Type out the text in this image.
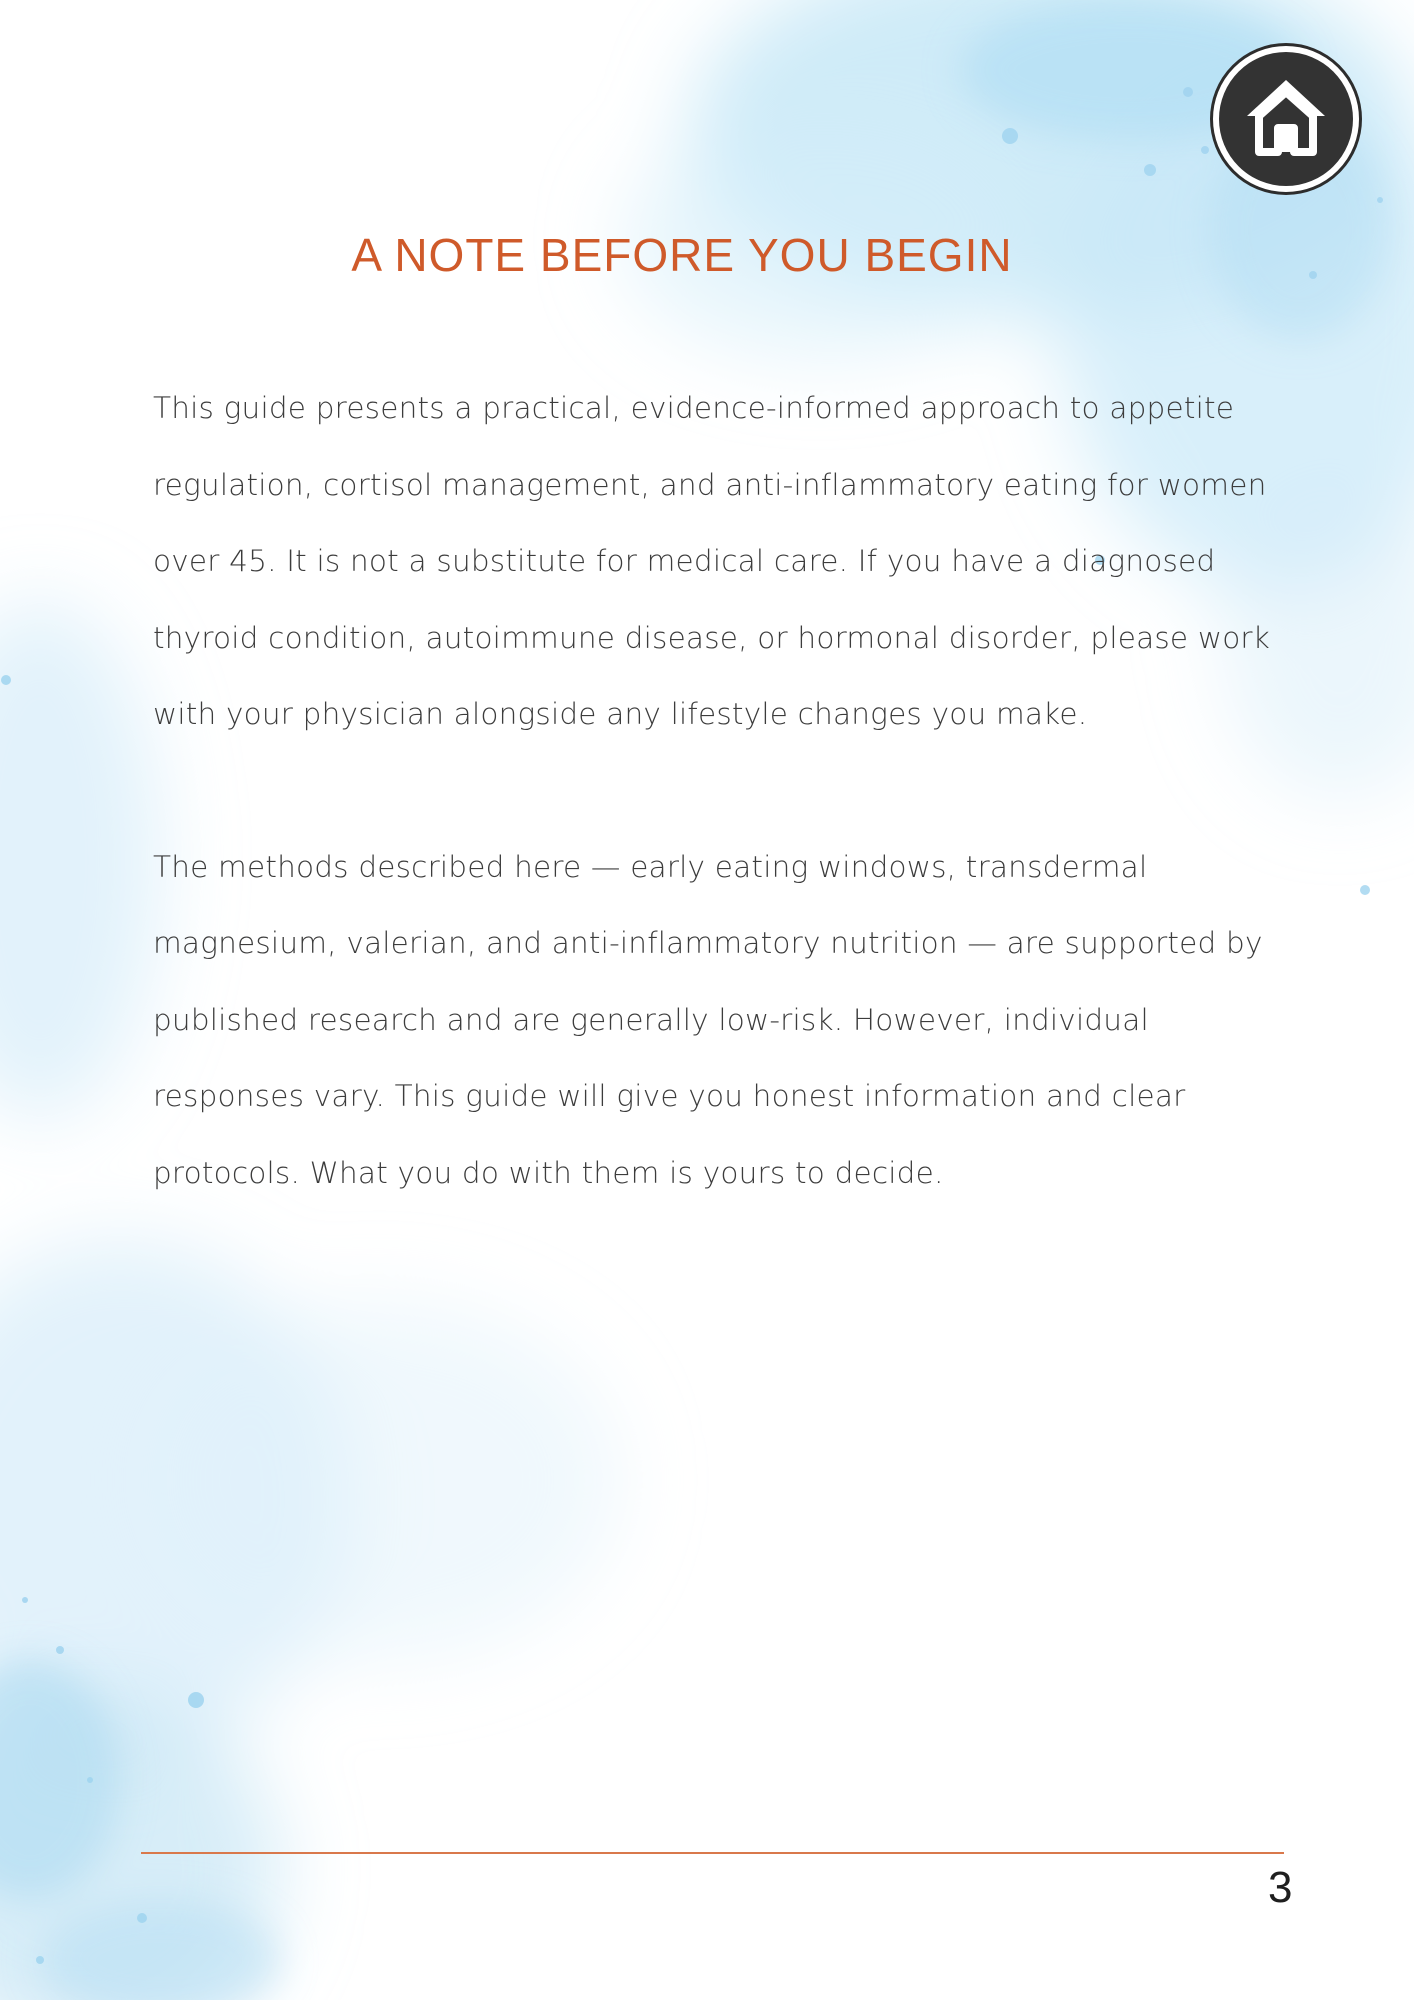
A NOTE BEFORE YOU BEGIN

This guide presents a practical, evidence-informed approach to appetite regulation, cortisol management, and anti-inflammatory eating for women over 45. It is not a substitute for medical care. If you have a diagnosed thyroid condition, autoimmune disease, or hormonal disorder, please work with your physician alongside any lifestyle changes you make.

The methods described here — early eating windows, transdermal magnesium, valerian, and anti-inflammatory nutrition — are supported by published research and are generally low-risk. However, individual responses vary. This guide will give you honest information and clear protocols. What you do with them is yours to decide.

3
